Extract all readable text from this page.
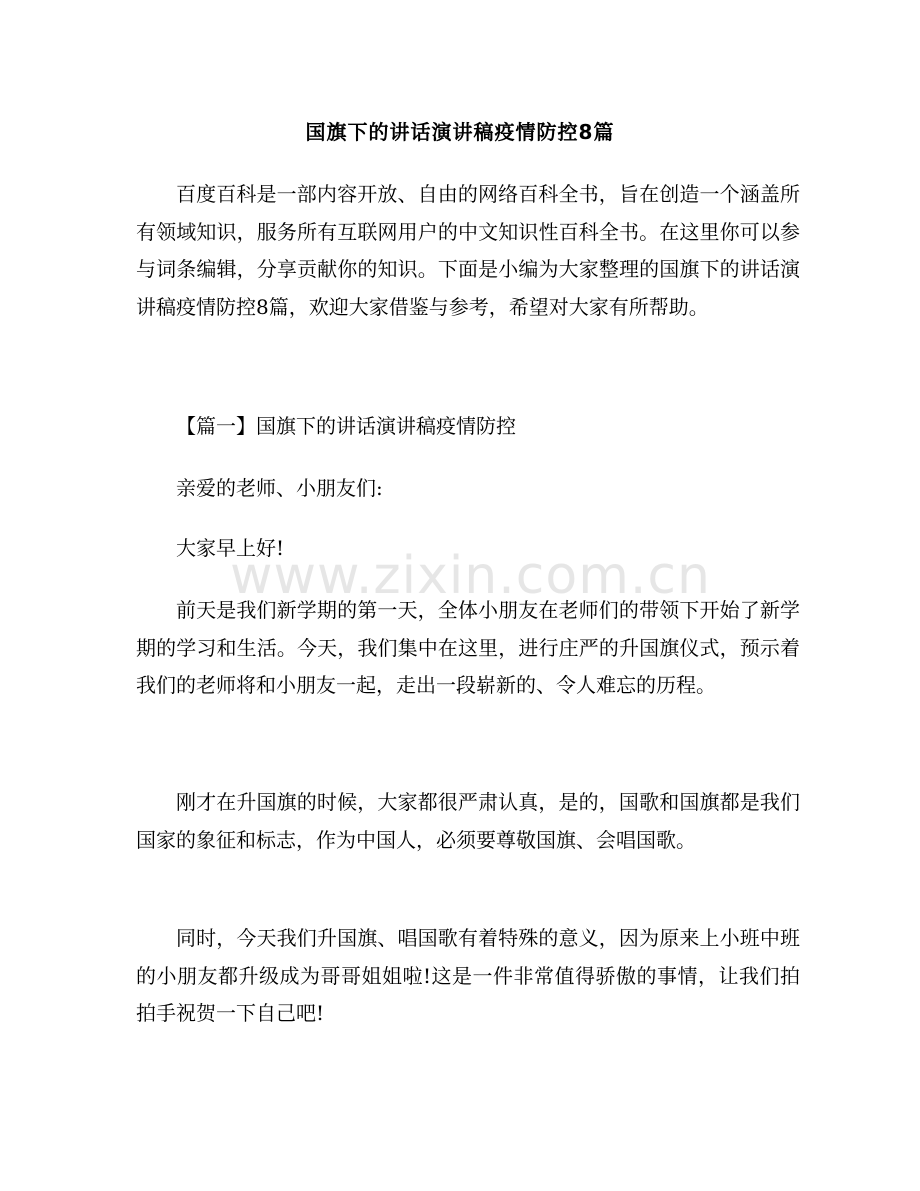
国旗下的讲话演讲稿疫情防控8篇

百度百科是一部内容开放、自由的网络百科全书，旨在创造一个涵盖所有领域知识，服务所有互联网用户的中文知识性百科全书。在这里你可以参与词条编辑，分享贡献你的知识。下面是小编为大家整理的国旗下的讲话演讲稿疫情防控8篇，欢迎大家借鉴与参考，希望对大家有所帮助。

【篇一】国旗下的讲话演讲稿疫情防控

亲爱的老师、小朋友们:

大家早上好!

前天是我们新学期的第一天，全体小朋友在老师们的带领下开始了新学期的学习和生活。今天，我们集中在这里，进行庄严的升国旗仪式，预示着我们的老师将和小朋友一起，走出一段崭新的、令人难忘的历程。

刚才在升国旗的时候，大家都很严肃认真，是的，国歌和国旗都是我们国家的象征和标志，作为中国人，必须要尊敬国旗、会唱国歌。

同时，今天我们升国旗、唱国歌有着特殊的意义，因为原来上小班中班的小朋友都升级成为哥哥姐姐啦!这是一件非常值得骄傲的事情，让我们拍拍手祝贺一下自己吧!

www.zixin.com.cn
